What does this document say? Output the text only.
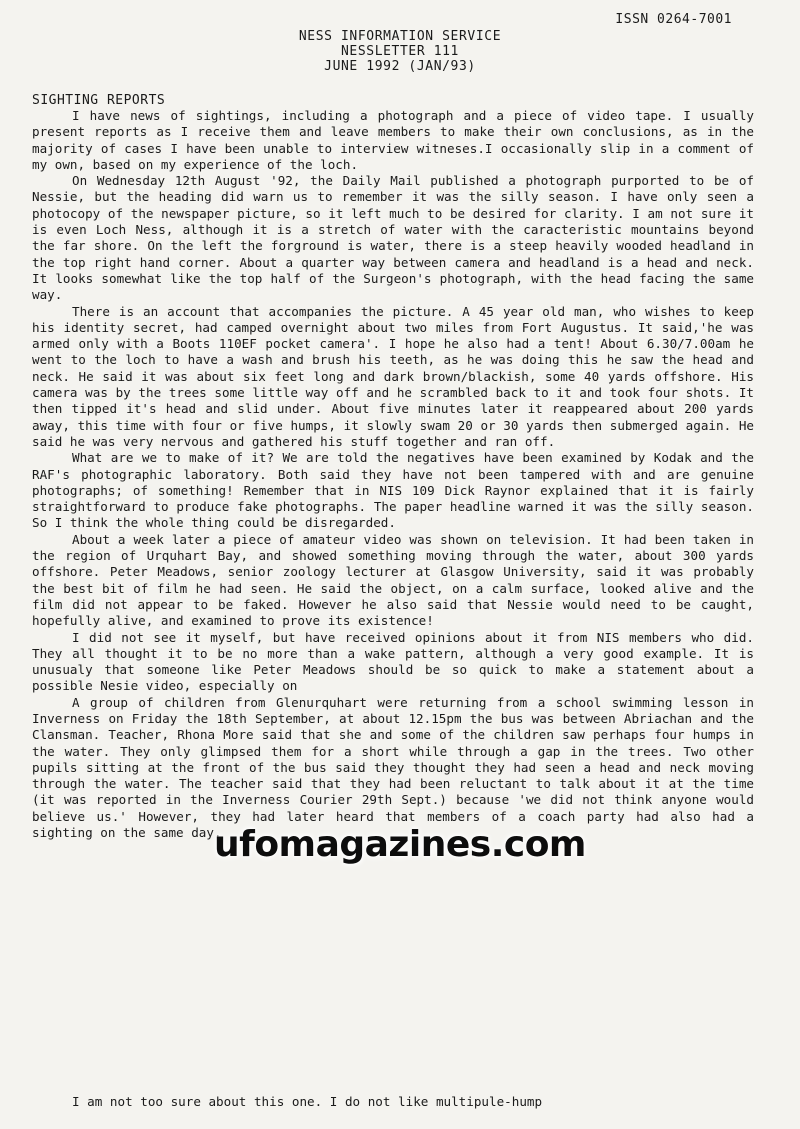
ISSN 0264-7001
NESS INFORMATION SERVICE
NESSLETTER 111
JUNE 1992 (JAN/93)
SIGHTING REPORTS

I have news of sightings, including a photograph and a piece of video tape. I usually present reports as I receive them and leave members to make their own conclusions, as in the majority of cases I have been unable to interview witneses.I occasionally slip in a comment of my own, based on my experience of the loch.

On Wednesday 12th August '92, the Daily Mail published a photograph purported to be of Nessie, but the heading did warn us to remember it was the silly season. I have only seen a photocopy of the newspaper picture, so it left much to be desired for clarity. I am not sure it is even Loch Ness, although it is a stretch of water with the caracteristic mountains beyond the far shore. On the left the forground is water, there is a steep heavily wooded headland in the top right hand corner. About a quarter way between camera and headland is a head and neck. It looks somewhat like the top half of the Surgeon's photograph, with the head facing the same way.

There is an account that accompanies the picture. A 45 year old man, who wishes to keep his identity secret, had camped overnight about two miles from Fort Augustus. It said,'he was armed only with a Boots 110EF pocket camera'. I hope he also had a tent! About 6.30/7.00am he went to the loch to have a wash and brush his teeth, as he was doing this he saw the head and neck. He said it was about six feet long and dark brown/blackish, some 40 yards offshore. His camera was by the trees some little way off and he scrambled back to it and took four shots. It then tipped it's head and slid under. About five minutes later it reappeared about 200 yards away, this time with four or five humps, it slowly swam 20 or 30 yards then submerged again. He said he was very nervous and gathered his stuff together and ran off.

What are we to make of it? We are told the negatives have been examined by Kodak and the RAF's photographic laboratory. Both said they have not been tampered with and are genuine photographs; of something! Remember that in NIS 109 Dick Raynor explained that it is fairly straightforward to produce fake photographs. The paper headline warned it was the silly season. So I think the whole thing could be disregarded.

About a week later a piece of amateur video was shown on television. It had been taken in the region of Urquhart Bay, and showed something moving through the water, about 300 yards offshore. Peter Meadows, senior zoology lecturer at Glasgow University, said it was probably the best bit of film he had seen. He said the object, on a calm surface, looked alive and the film did not appear to be faked. However he also said that Nessie would need to be caught, hopefully alive, and examined to prove its existence!

I did not see it myself, but have received opinions about it from NIS members who did. They all thought it to be no more than a wake pattern, although a very good example. It is unusualy that someone like Peter Meadows should be so quick to make a statement about a possible Nesie video, especially on

A group of children from Glenurquhart were returning from a school swimming lesson in Inverness on Friday the 18th September, at about 12.15pm the bus was between Abriachan and the Clansman. Teacher, Rhona More said that she and some of the children saw perhaps four humps in the water. They only glimpsed them for a short while through a gap in the trees. Two other pupils sitting at the front of the bus said they thought they had seen a head and neck moving through the water. The teacher said that they had been reluctant to talk about it at the time (it was reported in the Inverness Courier 29th Sept.) because 'we did not think anyone would believe us.' However, they had later heard that members of a coach party had also had a sighting on the same day.

I am not too sure about this one. I do not like multipule-hump
ufomagazines.com
